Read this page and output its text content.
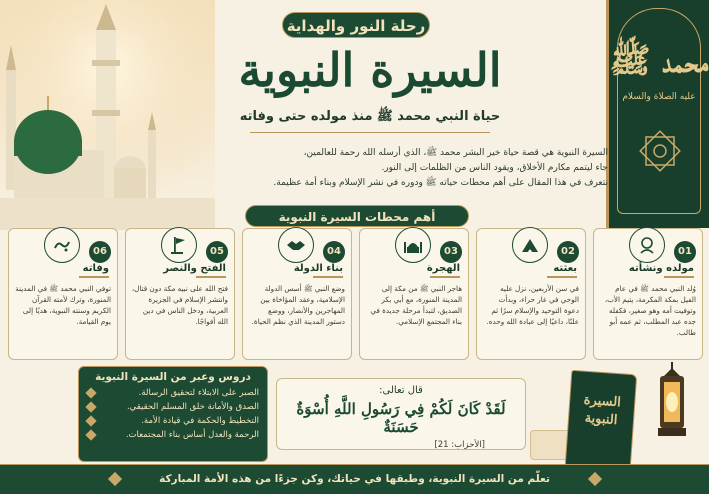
محمد ﷺ
عليه الصلاة والسلام
رحلة النور والهداية
السيرة النبوية
حياة النبي محمد ﷺ منذ مولده حتى وفاته
السيرة النبوية هي قصة حياة خير البشر محمد ﷺ، الذي أرسله الله رحمة للعالمين،
جاء ليتمم مكارم الأخلاق، ويقود الناس من الظلمات إلى النور.
نتعرف في هذا المقال على أهم محطات حياته ﷺ ودوره في نشر الإسلام وبناء أمة عظيمة.
أهم محطات السيرة النبوية
01
مولده ونشأته
وُلد النبي محمد ﷺ في عام الفيل بمكة المكرمة، يتيم الأب، وتوفيت أمه وهو صغير، فكفله جده عبد المطلب، ثم عمه أبو طالب.
02
بعثته
في سن الأربعين، نزل عليه الوحي في غار حراء، وبدأت دعوة التوحيد والإسلام سرًا ثم علنًا، داعيًا إلى عبادة الله وحده.
03
الهجرة
هاجر النبي ﷺ من مكة إلى المدينة المنورة، مع أبي بكر الصديق، لتبدأ مرحلة جديدة في بناء المجتمع الإسلامي.
04
بناء الدولة
وضع النبي ﷺ أسس الدولة الإسلامية، وعقد المؤاخاة بين المهاجرين والأنصار، ووضع دستور المدينة الذي نظم الحياة.
05
الفتح والنصر
فتح الله على نبيه مكة دون قتال، وانتشر الإسلام في الجزيرة العربية، ودخل الناس في دين الله أفواجًا.
06
وفاته
توفي النبي محمد ﷺ في المدينة المنورة، وترك لأمته القرآن الكريم وسنته النبوية، هديًا إلى يوم القيامة.
دروس وعبر من السيرة النبوية
الصبر على الابتلاء لتحقيق الرسالة.
الصدق والأمانة خلق المسلم الحقيقي.
التخطيط والحكمة في قيادة الأمة.
الرحمة والعدل أساس بناء المجتمعات.
قال تعالى:
لَقَدْ كَانَ لَكُمْ فِي رَسُولِ اللَّهِ أُسْوَةٌ حَسَنَةٌ
[الأحزاب: 21]
السيرة
النبوية
تعلّم من السيرة النبوية، وطبقها في حياتك، وكن جزءًا من هذه الأمة المباركة
